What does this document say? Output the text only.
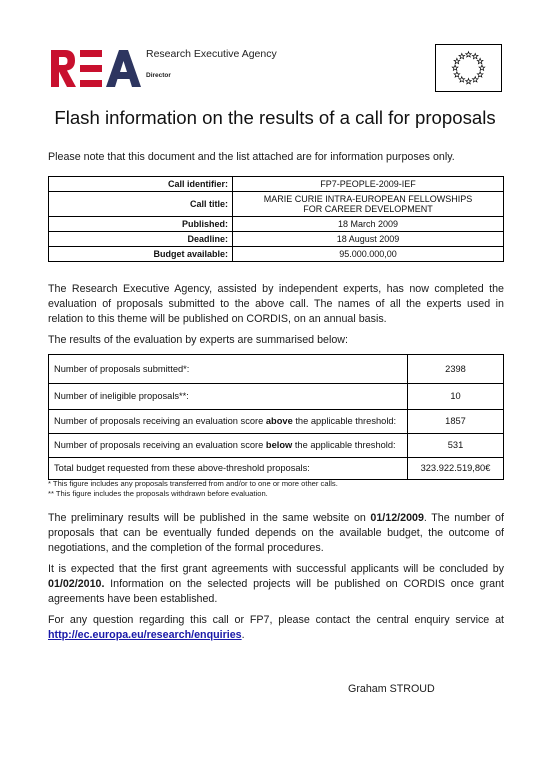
Research Executive Agency
Director
Flash information on the results of a call for proposals
Please note that this document and the list attached are for information purposes only.
Call identifier:	FP7-PEOPLE-2009-IEF
Call title:	MARIE CURIE INTRA-EUROPEAN FELLOWSHIPS
FOR CAREER DEVELOPMENT

Published:	18 March 2009
Deadline:	18 August 2009
Budget available:	95.000.000,00
The Research Executive Agency, assisted by independent experts, has now completed the evaluation of proposals submitted to the above call. The names of all the experts used in relation to this theme will be published on CORDIS, on an annual basis.
The results of the evaluation by experts are summarised below:
Number of proposals submitted*:	2398
Number of ineligible proposals**:	10
Number of proposals receiving an evaluation score above the applicable threshold:	1857
Number of proposals receiving an evaluation score below the applicable threshold:	531
Total budget requested from these above-threshold proposals:	323.922.519,80€
* This figure includes any proposals transferred from and/or to one or more other calls.
** This figure includes the proposals withdrawn before evaluation.
The preliminary results will be published in the same website on 01/12/2009. The number of proposals that can be eventually funded depends on the available budget, the outcome of negotiations, and the completion of the formal procedures.
It is expected that the first grant agreements with successful applicants will be concluded by 01/02/2010. Information on the selected projects will be published on CORDIS once grant agreements have been established.
For any question regarding this call or FP7, please contact the central enquiry service at http://ec.europa.eu/research/enquiries.
Graham STROUD
